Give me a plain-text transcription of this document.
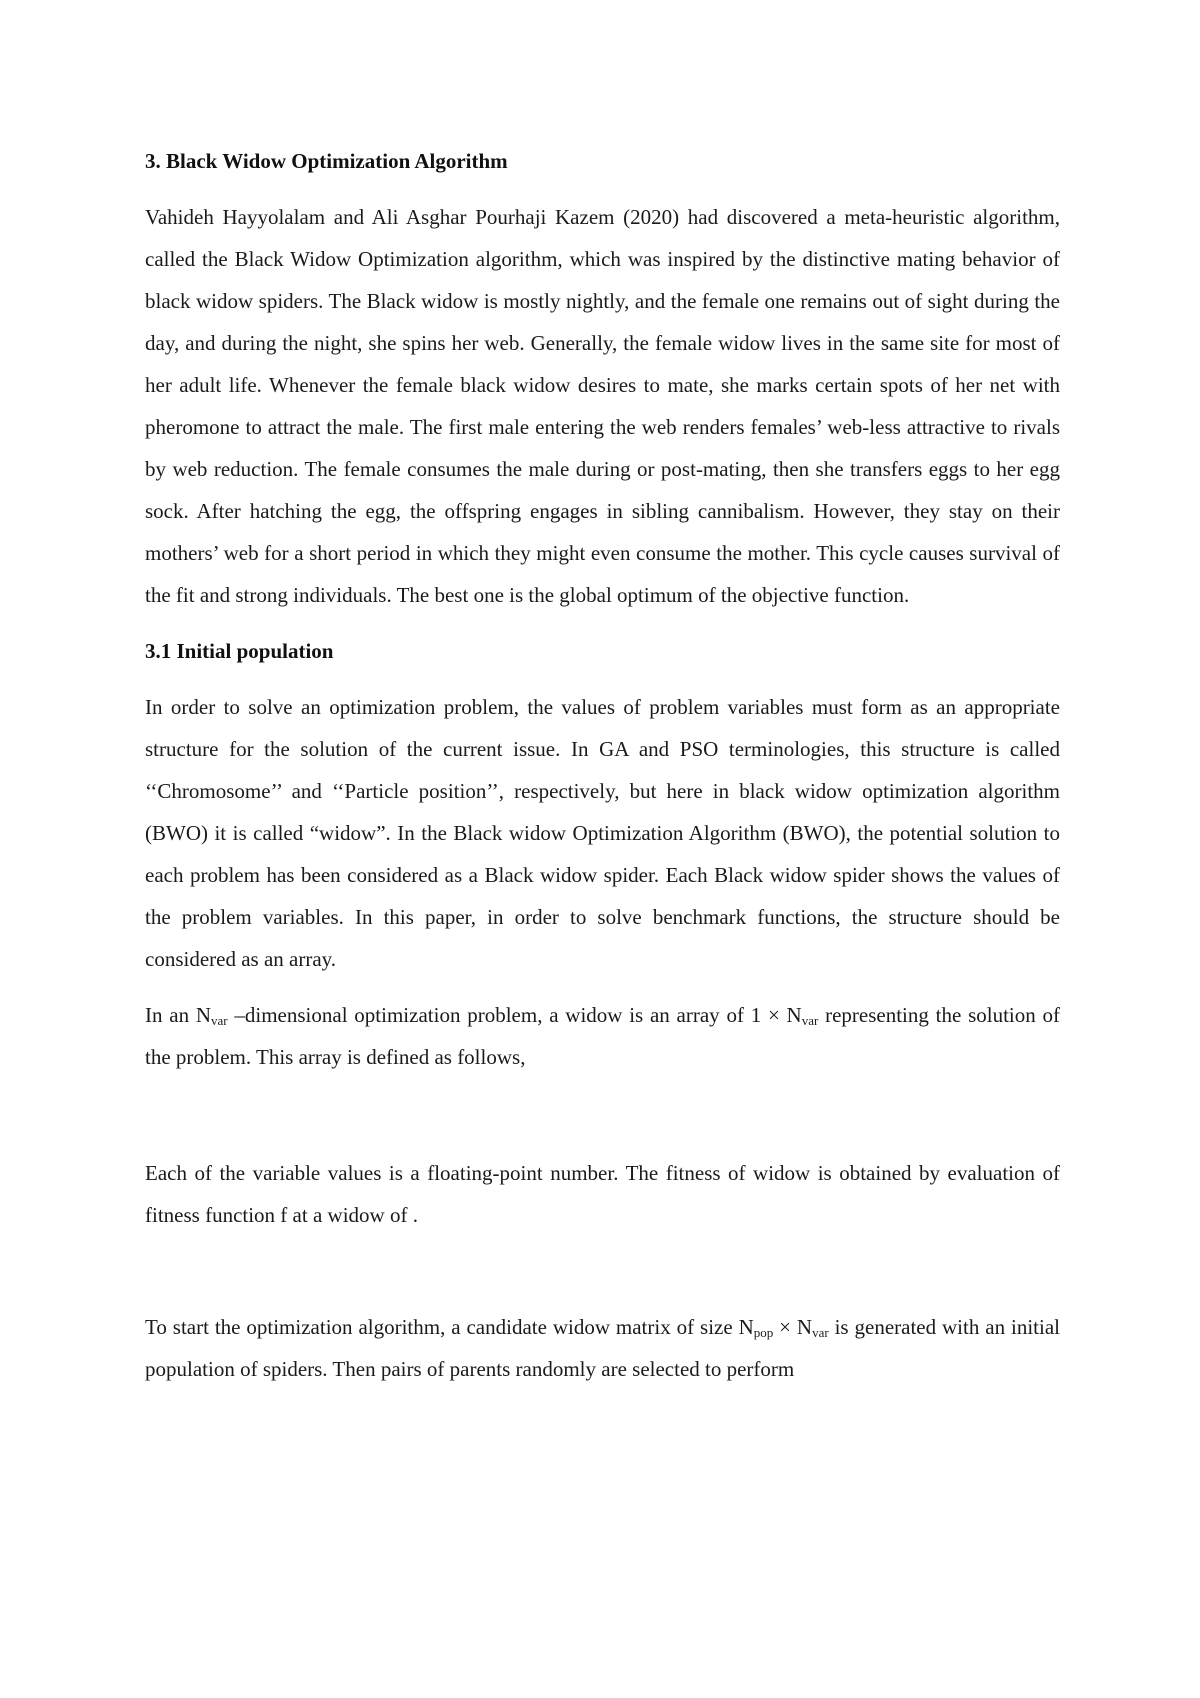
3. Black Widow Optimization Algorithm

Vahideh Hayyolalam and Ali Asghar Pourhaji Kazem (2020) had discovered a meta-heuristic algorithm, called the Black Widow Optimization algorithm, which was inspired by the distinctive mating behavior of black widow spiders. The Black widow is mostly nightly, and the female one remains out of sight during the day, and during the night, she spins her web. Generally, the female widow lives in the same site for most of her adult life. Whenever the female black widow desires to mate, she marks certain spots of her net with pheromone to attract the male. The first male entering the web renders females’ web-less attractive to rivals by web reduction. The female consumes the male during or post-mating, then she transfers eggs to her egg sock. After hatching the egg, the offspring engages in sibling cannibalism. However, they stay on their mothers’ web for a short period in which they might even consume the mother. This cycle causes survival of the fit and strong individuals. The best one is the global optimum of the objective function.

3.1 Initial population

In order to solve an optimization problem, the values of problem variables must form as an appropriate structure for the solution of the current issue. In GA and PSO terminologies, this structure is called ‘‘Chromosome’’ and ‘‘Particle position’’, respectively, but here in black widow optimization algorithm (BWO) it is called “widow”. In the Black widow Optimization Algorithm (BWO), the potential solution to each problem has been considered as a Black widow spider. Each Black widow spider shows the values of the problem variables. In this paper, in order to solve benchmark functions, the structure should be considered as an array.

In an $N_{var}$ –dimensional optimization problem, a widow is an array of $1 \times N_{var}$ representing the solution of the problem. This array is defined as follows,

Each of the variable values is a floating-point number. The fitness of widow is obtained by evaluation of fitness function f at a widow of .

To start the optimization algorithm, a candidate widow matrix of size $N_{pop} \times N_{var}$ is generated with an initial population of spiders. Then pairs of parents randomly are selected to perform
